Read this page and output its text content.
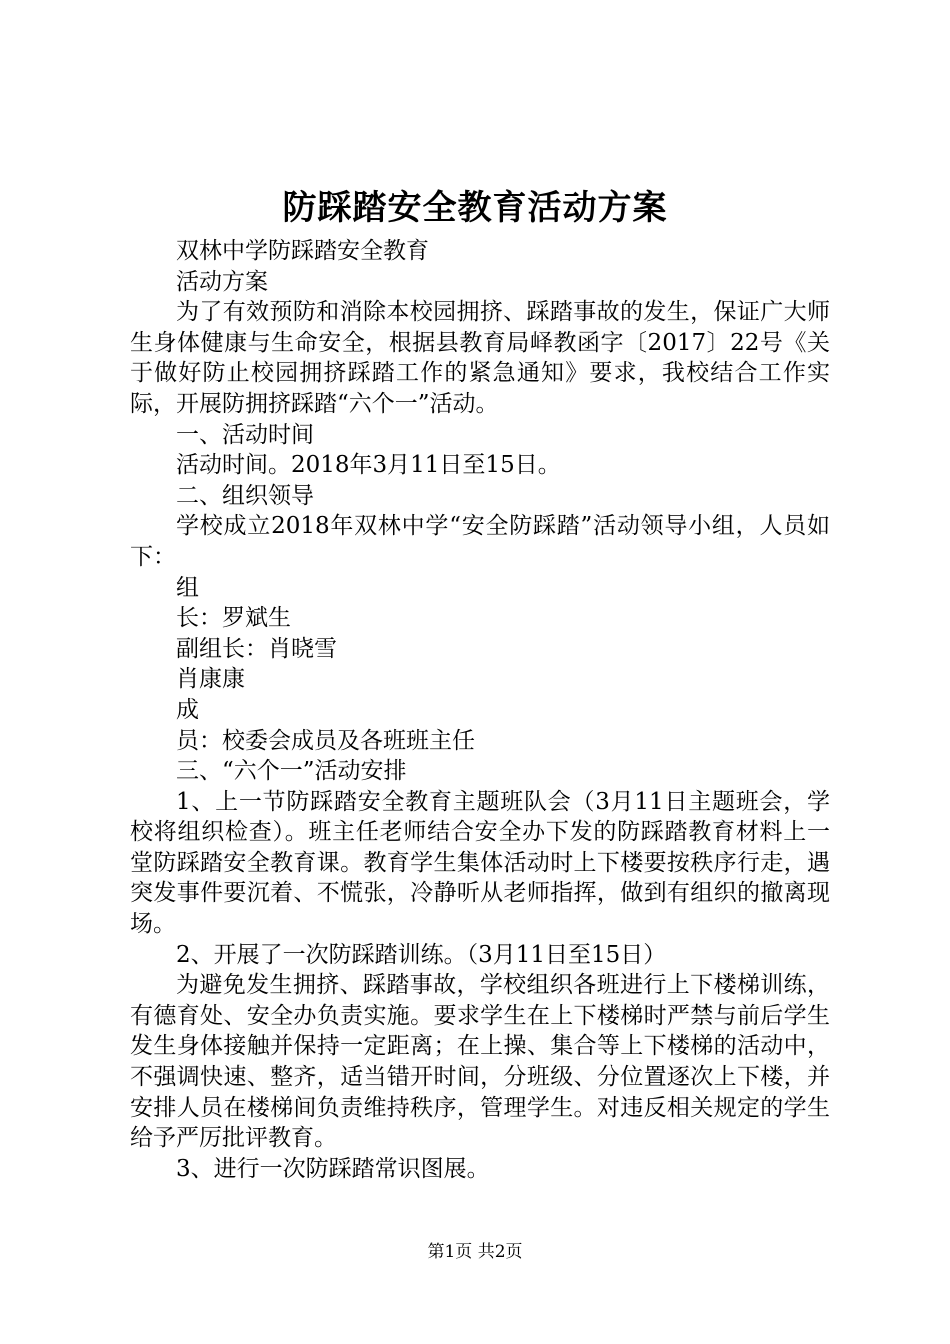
防踩踏安全教育活动方案

双林中学防踩踏安全教育

活动方案

为了有效预防和消除本校园拥挤、踩踏事故的发生，保证广大师生身体健康与生命安全，根据县教育局峄教函字〔2017〕22号《关于做好防止校园拥挤踩踏工作的紧急通知》要求，我校结合工作实际，开展防拥挤踩踏“六个一”活动。

一、活动时间

活动时间。2018年3月11日至15日。

二、组织领导

学校成立2018年双林中学“安全防踩踏”活动领导小组，人员如下：

组

长：罗斌生

副组长：肖晓雪

肖康康

成

员：校委会成员及各班班主任

三、“六个一”活动安排

1、上一节防踩踏安全教育主题班队会（3月11日主题班会，学校将组织检查）。班主任老师结合安全办下发的防踩踏教育材料上一堂防踩踏安全教育课。教育学生集体活动时上下楼要按秩序行走，遇突发事件要沉着、不慌张，冷静听从老师指挥，做到有组织的撤离现场。

2、开展了一次防踩踏训练。（3月11日至15日）

为避免发生拥挤、踩踏事故，学校组织各班进行上下楼梯训练，有德育处、安全办负责实施。要求学生在上下楼梯时严禁与前后学生发生身体接触并保持一定距离；在上操、集合等上下楼梯的活动中，不强调快速、整齐，适当错开时间，分班级、分位置逐次上下楼，并安排人员在楼梯间负责维持秩序，管理学生。对违反相关规定的学生给予严厉批评教育。

3、进行一次防踩踏常识图展。

第1页 共2页
